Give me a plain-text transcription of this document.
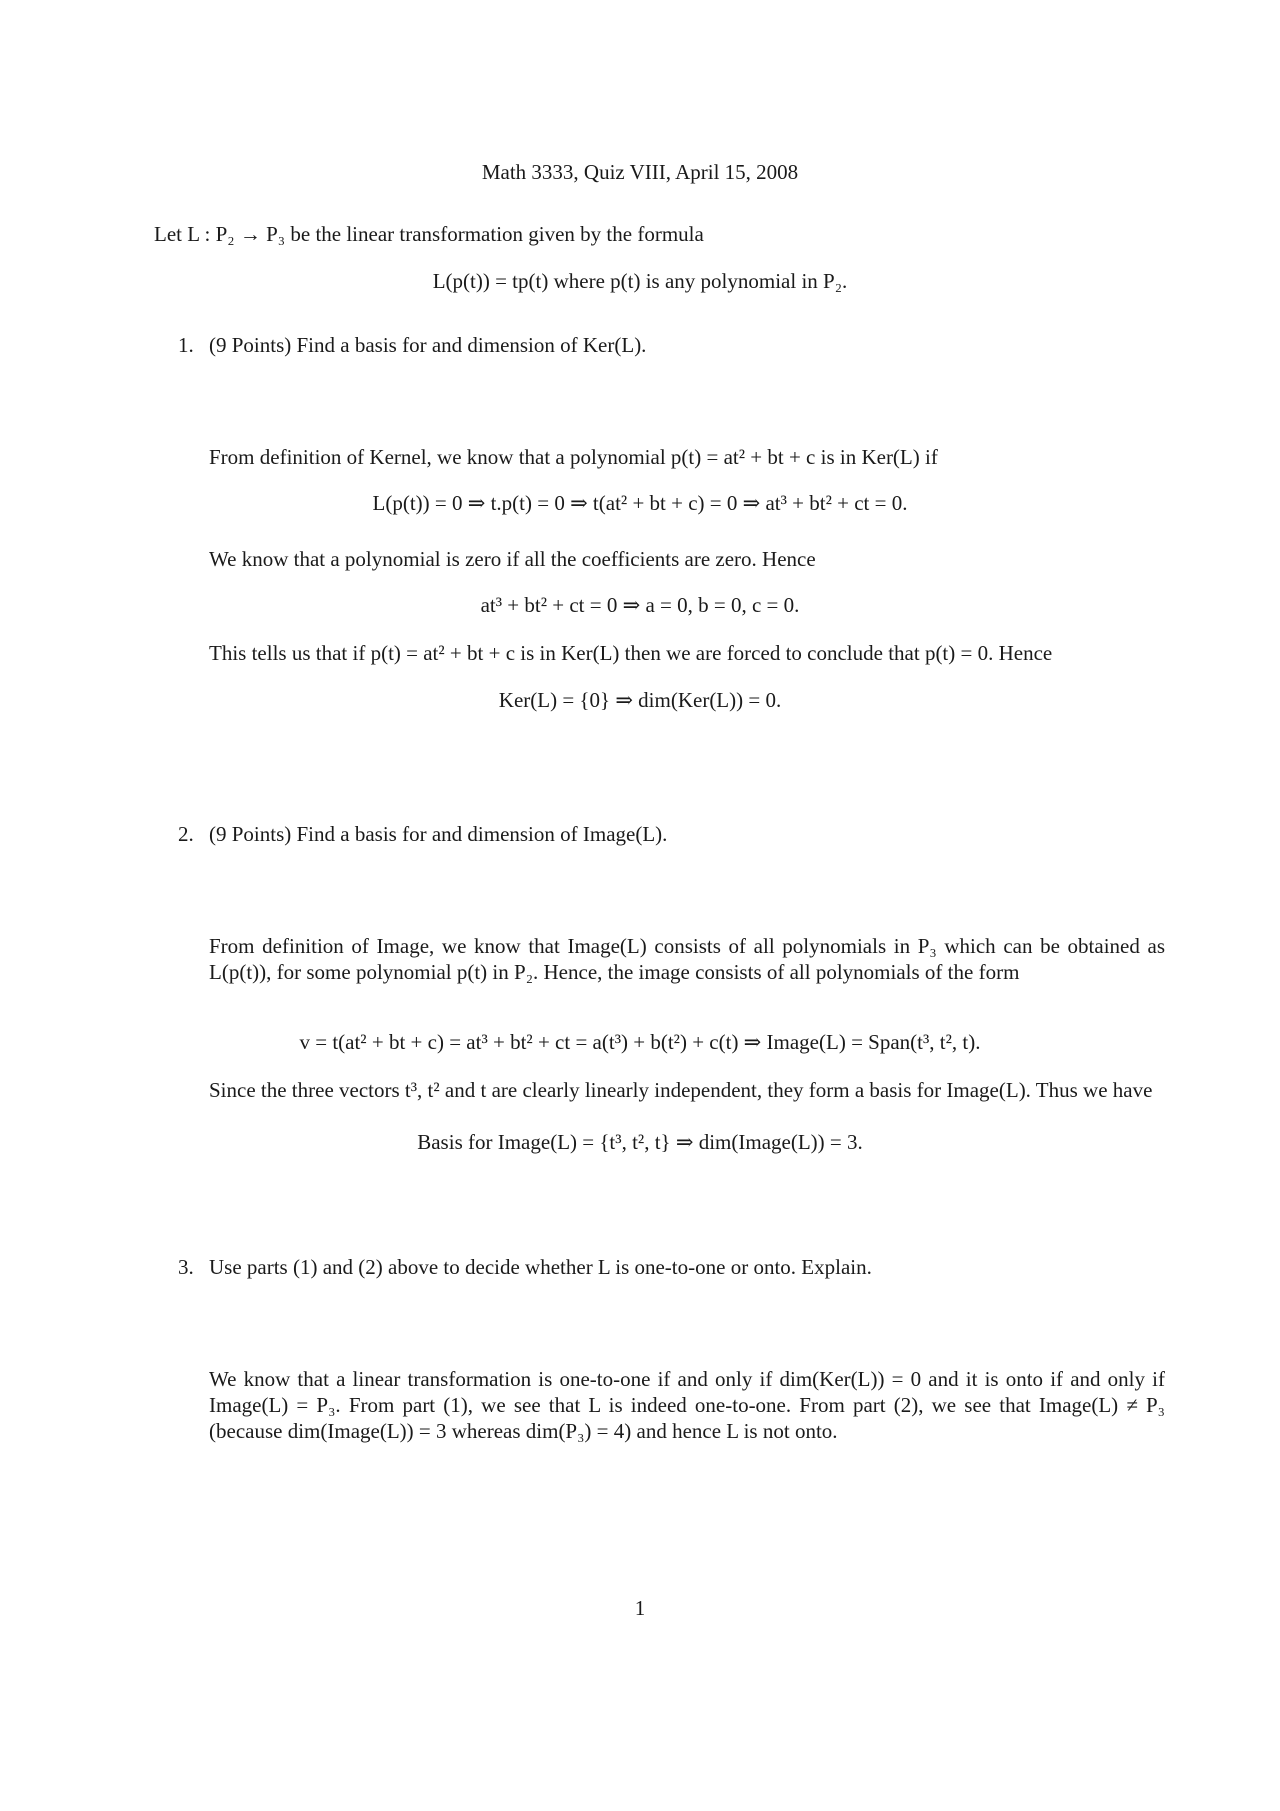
Math 3333, Quiz VIII, April 15, 2008
Let L : P₂ → P₃ be the linear transformation given by the formula
L(p(t)) = tp(t) where p(t) is any polynomial in P₂.
1. (9 Points) Find a basis for and dimension of Ker(L).
From definition of Kernel, we know that a polynomial p(t) = at² + bt + c is in Ker(L) if
L(p(t)) = 0 ⇒ t.p(t) = 0 ⇒ t(at² + bt + c) = 0 ⇒ at³ + bt² + ct = 0.
We know that a polynomial is zero if all the coefficients are zero. Hence
at³ + bt² + ct = 0 ⇒ a = 0, b = 0, c = 0.
This tells us that if p(t) = at² + bt + c is in Ker(L) then we are forced to conclude that p(t) = 0. Hence
Ker(L) = {0} ⇒ dim(Ker(L)) = 0.
2. (9 Points) Find a basis for and dimension of Image(L).
From definition of Image, we know that Image(L) consists of all polynomials in P₃ which can be obtained as L(p(t)), for some polynomial p(t) in P₂. Hence, the image consists of all polynomials of the form
v = t(at² + bt + c) = at³ + bt² + ct = a(t³) + b(t²) + c(t) ⇒ Image(L) = Span(t³, t², t).
Since the three vectors t³, t² and t are clearly linearly independent, they form a basis for Image(L). Thus we have
Basis for Image(L) = {t³, t², t} ⇒ dim(Image(L)) = 3.
3. Use parts (1) and (2) above to decide whether L is one-to-one or onto. Explain.
We know that a linear transformation is one-to-one if and only if dim(Ker(L)) = 0 and it is onto if and only if Image(L) = P₃. From part (1), we see that L is indeed one-to-one. From part (2), we see that Image(L) ≠ P₃ (because dim(Image(L)) = 3 whereas dim(P₃) = 4) and hence L is not onto.
1
